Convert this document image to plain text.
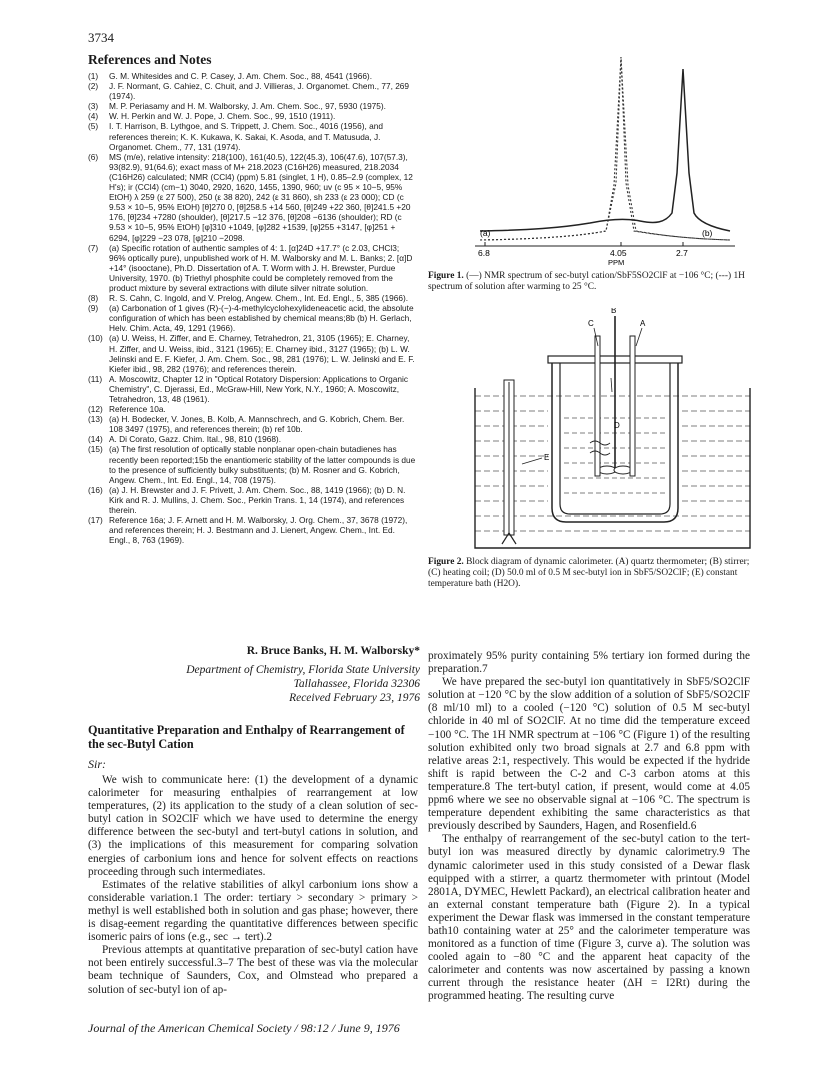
3734
References and Notes
(1) G. M. Whitesides and C. P. Casey, J. Am. Chem. Soc., 88, 4541 (1966).
(2) J. F. Normant, G. Cahiez, C. Chuit, and J. Villieras, J. Organomet. Chem., 77, 269 (1974).
(3) M. P. Periasamy and H. M. Walborsky, J. Am. Chem. Soc., 97, 5930 (1975).
(4) W. H. Perkin and W. J. Pope, J. Chem. Soc., 99, 1510 (1911).
(5) I. T. Harrison, B. Lythgoe, and S. Trippett, J. Chem. Soc., 4016 (1956), and references therein; K. K. Kukawa, K. Sakai, K. Asoda, and T. Matusuda, J. Organomet. Chem., 77, 131 (1974).
(6) MS (m/e), relative intensity: 218(100), 161(40.5), 122(45.3), 106(47.6), 107(57.3), 93(82.9), 91(64.6); exact mass of M+ 218.2023 (C16H26) measured, 218.2034 (C16H26) calculated; NMR (CCl4) (ppm) 5.81 (singlet, 1 H), 0.85–2.9 (complex, 12 H's); ir (CCl4) (cm−1) 3040, 2920, 1620, 1455, 1390, 960; uv (c 95 × 10−5, 95% EtOH) λ 259 (ε 27 500), 250 (ε 38 820), 242 (ε 31 860), sh 233 (ε 23 000); CD (c 9.53 × 10−5, 95% EtOH) [θ]270 0, [θ]258.5 +14 560, [θ]249 +22 360, [θ]241.5 +20 176, [θ]234 +7280 (shoulder), [θ]217.5 −12 376, [θ]208 −6136 (shoulder); RD (c 9.53 × 10−5, 95% EtOH) [φ]310 +1049, [φ]282 +1539, [φ]255 +3147, [φ]251 + 6294, [φ]229 −23 078, [φ]210 −2098.
(7) (a) Specific rotation of authentic samples of 4: 1. [α]24D +17.7° (c 2.03, CHCl3; 96% optically pure), unpublished work of H. M. Walborsky and M. L. Banks; 2. [α]D +14° (isooctane), Ph.D. Dissertation of A. T. Worm with J. H. Brewster, Purdue University, 1970. (b) Triethyl phosphite could be completely removed from the product mixture by several extractions with dilute silver nitrate solution.
(8) R. S. Cahn, C. Ingold, and V. Prelog, Angew. Chem., Int. Ed. Engl., 5, 385 (1966).
(9) (a) Carbonation of 1 gives (R)-(−)-4-methylcyclohexylideneacetic acid, the absolute configuration of which has been established by chemical means;8b (b) H. Gerlach, Helv. Chim. Acta, 49, 1291 (1966).
(10) (a) U. Weiss, H. Ziffer, and E. Charney, Tetrahedron, 21, 3105 (1965); E. Charney, H. Ziffer, and U. Weiss, ibid., 3121 (1965); E. Charney ibid., 3127 (1965); (b) L. W. Jelinski and E. F. Kiefer, J. Am. Chem. Soc., 98, 281 (1976); L. W. Jelinski and E. F. Kiefer ibid., 98, 282 (1976); and references therein.
(11) A. Moscowitz, Chapter 12 in "Optical Rotatory Dispersion: Applications to Organic Chemistry", C. Djerassi, Ed., McGraw-Hill, New York, N.Y., 1960; A. Moscowitz, Tetrahedron, 13, 48 (1961).
(12) Reference 10a.
(13) (a) H. Bodecker, V. Jones, B. Kolb, A. Mannschrech, and G. Kobrich, Chem. Ber. 108 3497 (1975), and references therein; (b) ref 10b.
(14) A. Di Corato, Gazz. Chim. Ital., 98, 810 (1968).
(15) (a) The first resolution of optically stable nonplanar open-chain butadienes has recently been reported;15b the enantiomeric stability of the latter compounds is due to the presence of sufficiently bulky substituents; (b) M. Rosner and G. Kobrich, Angew. Chem., Int. Ed. Engl., 14, 708 (1975).
(16) (a) J. H. Brewster and J. F. Privett, J. Am. Chem. Soc., 88, 1419 (1966); (b) D. N. Kirk and R. J. Mullins, J. Chem. Soc., Perkin Trans. 1, 14 (1974), and references therein.
(17) Reference 16a; J. F. Arnett and H. M. Walborsky, J. Org. Chem., 37, 3678 (1972), and references therein; H. J. Bestmann and J. Lienert, Angew. Chem., Int. Ed. Engl., 8, 763 (1969).
R. Bruce Banks, H. M. Walborsky*
Department of Chemistry, Florida State University
Tallahassee, Florida 32306
Received February 23, 1976
Quantitative Preparation and Enthalpy of Rearrangement of the sec-Butyl Cation
Sir:

We wish to communicate here: (1) the development of a dynamic calorimeter for measuring enthalpies of rearrangement at low temperatures, (2) its application to the study of a clean solution of sec-butyl cation in SO2ClF which we have used to determine the energy difference between the sec-butyl and tert-butyl cations in solution, and (3) the implications of this measurement for comparing solvation energies of carbonium ions and hence for solvent effects on reactions proceeding through such intermediates.

Estimates of the relative stabilities of alkyl carbonium ions show a considerable variation.1 The order: tertiary > secondary > primary > methyl is well established both in solution and gas phase; however, there is disag-eement regarding the quantitative differences between specific isomeric pairs of ions (e.g., sec → tert).2

Previous attempts at quantitative preparation of sec-butyl cation have not been entirely successful.3–7 The best of these was via the molecular beam technique of Saunders, Cox, and Olmstead who prepared a solution of sec-butyl ion of ap-

(a)	(b)
6.8	4.05	2.7
PPM
Figure 1. (—) NMR spectrum of sec-butyl cation/SbF5SO2ClF at −106 °C; (---) 1H spectrum of solution after warming to 25 °C.
B
C	A
D
E
Figure 2. Block diagram of dynamic calorimeter. (A) quartz thermometer; (B) stirrer; (C) heating coil; (D) 50.0 ml of 0.5 M sec-butyl ion in SbF5/SO2ClF; (E) constant temperature bath (H2O).

proximately 95% purity containing 5% tertiary ion formed during the preparation.7

We have prepared the sec-butyl ion quantitatively in SbF5/SO2ClF solution at −120 °C by the slow addition of a solution of SbF5/SO2ClF (8 ml/10 ml) to a cooled (−120 °C) solution of 0.5 M sec-butyl chloride in 40 ml of SO2ClF. At no time did the temperature exceed −100 °C. The 1H NMR spectrum at −106 °C (Figure 1) of the resulting solution exhibited only two broad signals at 2.7 and 6.8 ppm with relative areas 2:1, respectively. This would be expected if the hydride shift is rapid between the C-2 and C-3 carbon atoms at this temperature.8 The tert-butyl cation, if present, would come at 4.05 ppm6 where we see no observable signal at −106 °C. The spectrum is temperature dependent exhibiting the same characteristics as that previously described by Saunders, Hagen, and Rosenfield.6

The enthalpy of rearrangement of the sec-butyl cation to the tert-butyl ion was measured directly by dynamic calorimetry.9 The dynamic calorimeter used in this study consisted of a Dewar flask equipped with a stirrer, a quartz thermometer with printout (Model 2801A, DYMEC, Hewlett Packard), an electrical calibration heater and an external constant temperature bath (Figure 2). In a typical experiment the Dewar flask was immersed in the constant temperature bath10 containing water at 25° and the calorimeter temperature was monitored as a function of time (Figure 3, curve a). The solution was cooled again to −80 °C and the apparent heat capacity of the calorimeter and contents was now ascertained by passing a known current through the resistance heater (ΔH = I2Rt) during the programmed heating. The resulting curve

Journal of the American Chemical Society / 98:12 / June 9, 1976
